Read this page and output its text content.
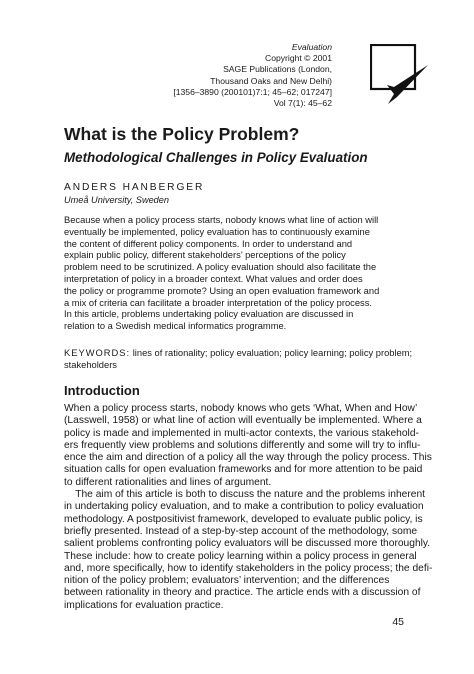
Evaluation
Copyright © 2001
SAGE Publications (London,
Thousand Oaks and New Delhi)
[1356–3890 (200101)7:1; 45–62; 017247]
Vol 7(1): 45–62
What is the Policy Problem?
Methodological Challenges in Policy Evaluation
ANDERS HANBERGER
Umeå University, Sweden
Because when a policy process starts, nobody knows what line of action will
eventually be implemented, policy evaluation has to continuously examine
the content of different policy components. In order to understand and
explain public policy, different stakeholders’ perceptions of the policy
problem need to be scrutinized. A policy evaluation should also facilitate the
interpretation of policy in a broader context. What values and order does
the policy or programme promote? Using an open evaluation framework and
a mix of criteria can facilitate a broader interpretation of the policy process.
In this article, problems undertaking policy evaluation are discussed in
relation to a Swedish medical informatics programme.
KEYWORDS: lines of rationality; policy evaluation; policy learning; policy problem; stakeholders
Introduction
When a policy process starts, nobody knows who gets ‘What, When and How’
(Lasswell, 1958) or what line of action will eventually be implemented. Where a
policy is made and implemented in multi-actor contexts, the various stakehold-
ers frequently view problems and solutions differently and some will try to influ-
ence the aim and direction of a policy all the way through the policy process. This
situation calls for open evaluation frameworks and for more attention to be paid
to different rationalities and lines of argument.
The aim of this article is both to discuss the nature and the problems inherent
in undertaking policy evaluation, and to make a contribution to policy evaluation
methodology. A postpositivist framework, developed to evaluate public policy, is
briefly presented. Instead of a step-by-step account of the methodology, some
salient problems confronting policy evaluators will be discussed more thoroughly.
These include: how to create policy learning within a policy process in general
and, more specifically, how to identify stakeholders in the policy process; the defi-
nition of the policy problem; evaluators’ intervention; and the differences
between rationality in theory and practice. The article ends with a discussion of
implications for evaluation practice.
45
